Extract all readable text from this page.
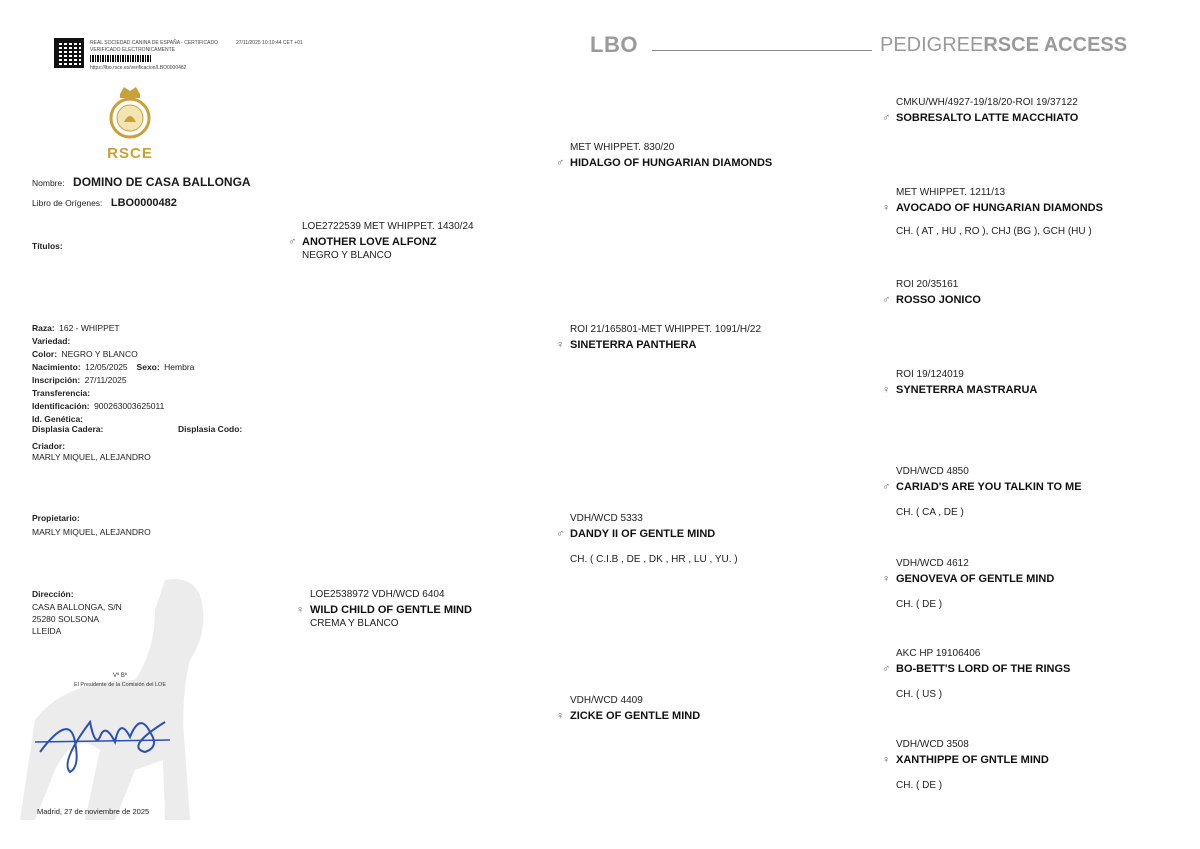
LBO	PEDIGREERSCE ACCESS
REAL SOCIEDAD CANINA DE ESPAÑA - CERTIFICADO
VERIFICADO ELECTRONICAMENTE
https://lbo.rsce.es/verificacion/LBO0000482
27/11/2025 10:10:44 CET +01
RSCE
Nombre: DOMINO DE CASA BALLONGA
Libro de Orígenes: LBO0000482
Títulos:
Raza: 162 - WHIPPET
Variedad:
Color: NEGRO Y BLANCO
Nacimiento: 12/05/2025 Sexo: Hembra
Inscripción: 27/11/2025
Transferencia:
Identificación: 900263003625011
Id. Genética:
Displasia Cadera:	Displasia Codo:
Criador:
MARLY MIQUEL, ALEJANDRO
Propietario:
MARLY MIQUEL, ALEJANDRO
Dirección:
CASA BALLONGA, S/N
25280 SOLSONA
LLEIDA
Vº Bº
El Presidente de la Comisión del LOE
Madrid, 27 de noviembre de 2025
LOE2722539 MET WHIPPET. 1430/24
♂ ANOTHER LOVE ALFONZ
NEGRO Y BLANCO
LOE2538972 VDH/WCD 6404
♀ WILD CHILD OF GENTLE MIND
CREMA Y BLANCO
MET WHIPPET. 830/20
♂ HIDALGO OF HUNGARIAN DIAMONDS
ROI 21/165801-MET WHIPPET. 1091/H/22
♀ SINETERRA PANTHERA
VDH/WCD 5333
♂ DANDY II OF GENTLE MIND
CH. ( C.I.B , DE , DK , HR , LU , YU. )
VDH/WCD 4409
♀ ZICKE OF GENTLE MIND
CMKU/WH/4927-19/18/20-ROI 19/37122
♂ SOBRESALTO LATTE MACCHIATO
MET WHIPPET. 1211/13
♀ AVOCADO OF HUNGARIAN DIAMONDS
CH. ( AT , HU , RO ), CHJ (BG ), GCH (HU )
ROI 20/35161
♂ ROSSO JONICO
ROI 19/124019
♀ SYNETERRA MASTRARUA
VDH/WCD 4850
♂ CARIAD'S ARE YOU TALKIN TO ME
CH. ( CA , DE )
VDH/WCD 4612
♀ GENOVEVA OF GENTLE MIND
CH. ( DE )
AKC HP 19106406
♂ BO-BETT'S LORD OF THE RINGS
CH. ( US )
VDH/WCD 3508
♀ XANTHIPPE OF GNTLE MIND
CH. ( DE )
